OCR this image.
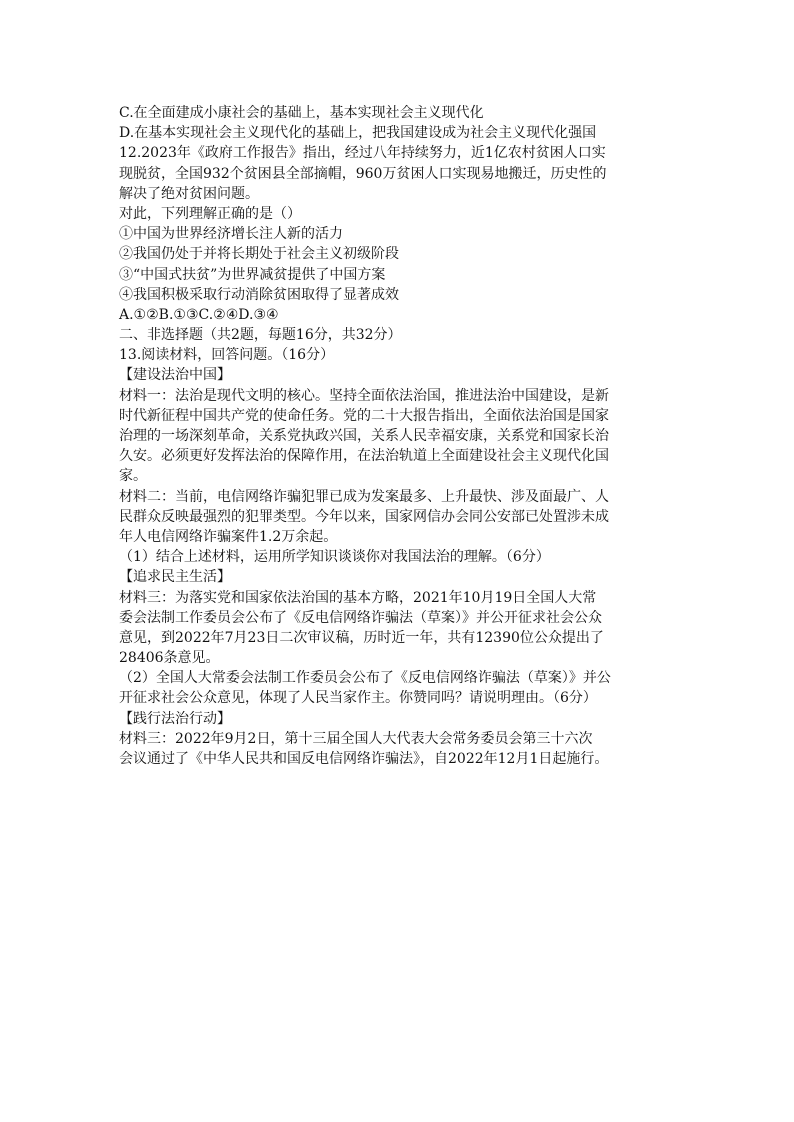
C.在全面建成小康社会的基础上，基本实现社会主义现代化
D.在基本实现社会主义现代化的基础上，把我国建设成为社会主义现代化强国
12.2023年《政府工作报告》指出，经过八年持续努力，近1亿农村贫困人口实
现脱贫，全国932个贫困县全部摘帽，960万贫困人口实现易地搬迁，历史性的
解决了绝对贫困问题。
对此，下列理解正确的是（）
①中国为世界经济增长注人新的活力
②我国仍处于并将长期处于社会主义初级阶段
③“中国式扶贫”为世界减贫提供了中国方案
④我国积极采取行动消除贫困取得了显著成效
A.①②B.①③C.②④D.③④
二、非选择题（共2题，每题16分，共32分）
13.阅读材料，回答问题。（16分）
【建设法治中国】
材料一：法治是现代文明的核心。坚持全面依法治国，推进法治中国建设，是新
时代新征程中国共产党的使命任务。党的二十大报告指出，全面依法治国是国家
治理的一场深刻革命，关系党执政兴国，关系人民幸福安康，关系党和国家长治
久安。必须更好发挥法治的保障作用，在法治轨道上全面建设社会主义现代化国
家。
材料二：当前，电信网络诈骗犯罪已成为发案最多、上升最快、涉及面最广、人
民群众反映最强烈的犯罪类型。今年以来，国家网信办会同公安部已处置涉未成
年人电信网络诈骗案件1.2万余起。
（1）结合上述材料，运用所学知识谈谈你对我国法治的理解。（6分）
【追求民主生活】
材料三：为落实党和国家依法治国的基本方略，2021年10月19日全国人大常
委会法制工作委员会公布了《反电信网络诈骗法（草案）》并公开征求社会公众
意见，到2022年7月23日二次审议稿，历时近一年，共有12390位公众提出了
28406条意见。
（2）全国人大常委会法制工作委员会公布了《反电信网络诈骗法（草案）》并公
开征求社会公众意见，体现了人民当家作主。你赞同吗？请说明理由。（6分）
【践行法治行动】
材料三：2022年9月2日，第十三届全国人大代表大会常务委员会第三十六次
会议通过了《中华人民共和国反电信网络诈骗法》，自2022年12月1日起施行。
